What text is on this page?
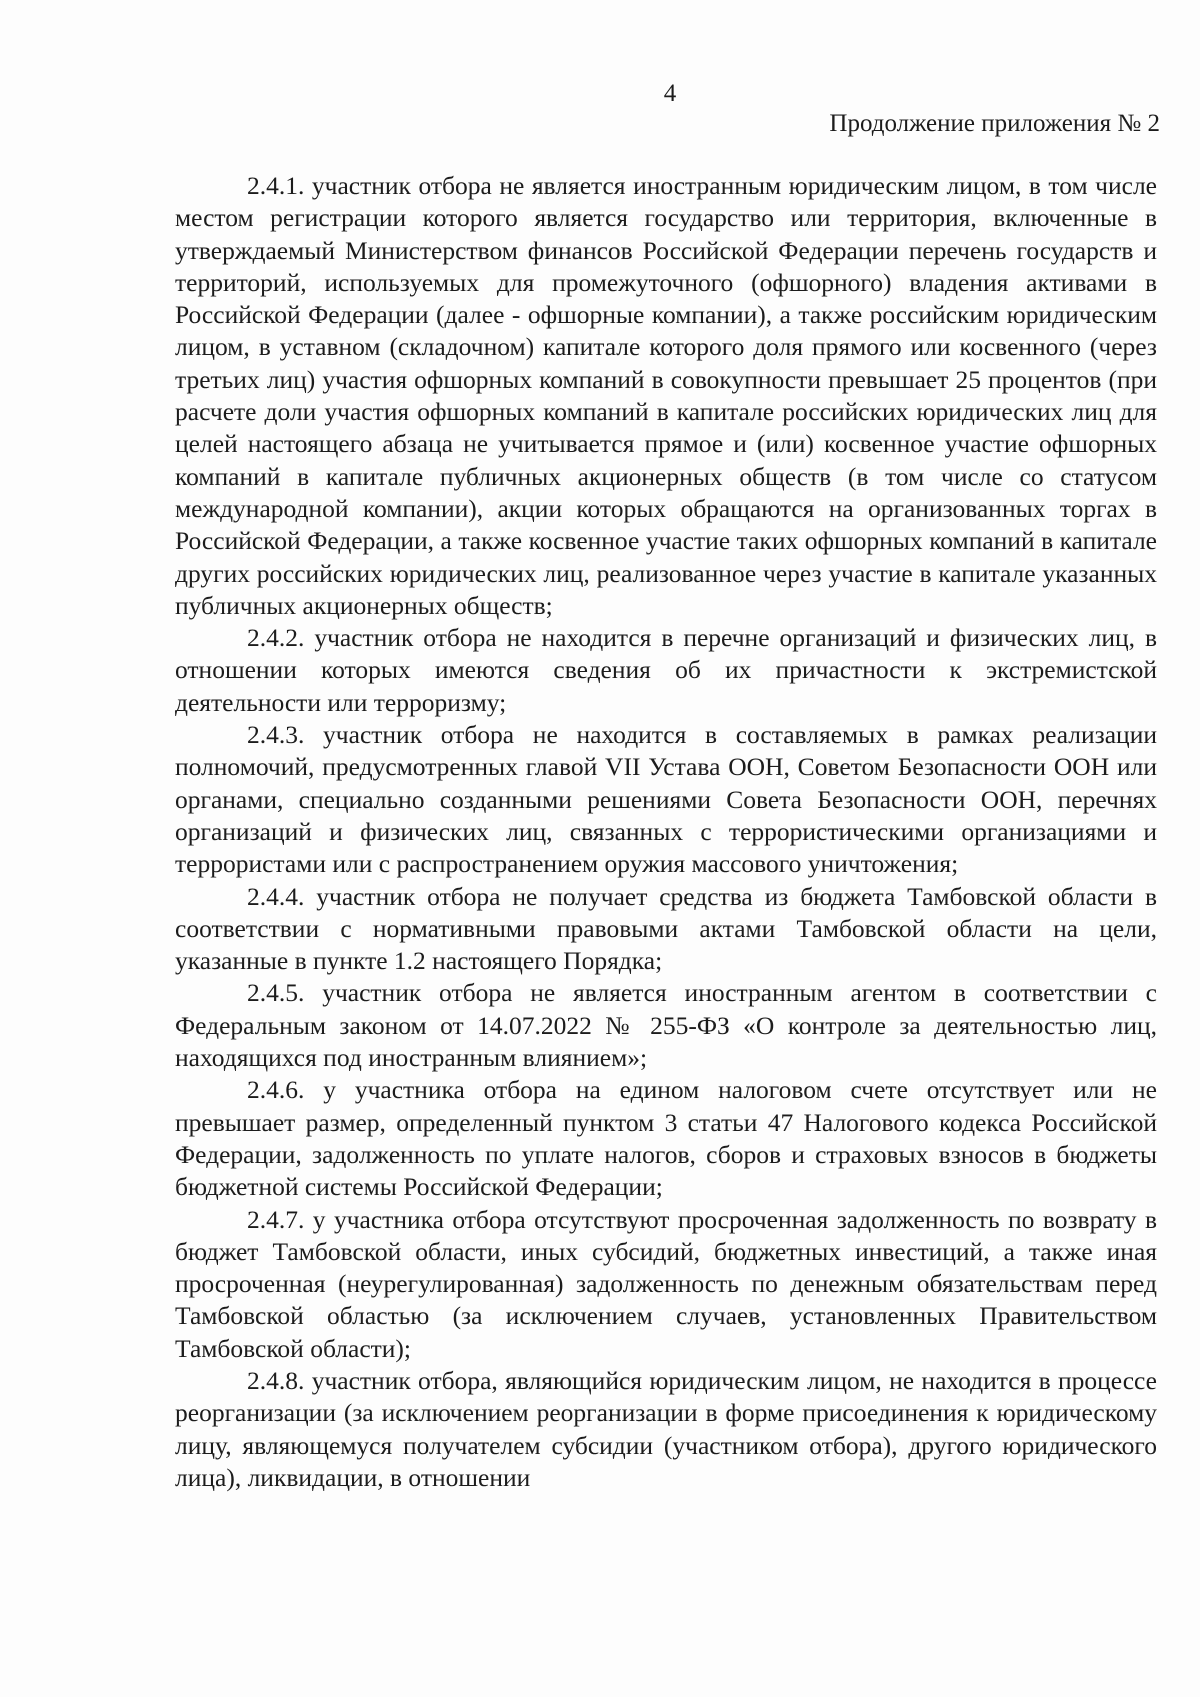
4
Продолжение приложения № 2

2.4.1. участник отбора не является иностранным юридическим лицом, в том числе местом регистрации которого является государство или территория, включенные в утверждаемый Министерством финансов Российской Федерации перечень государств и территорий, используемых для промежуточного (офшорного) владения активами в Российской Федерации (далее - офшорные компании), а также российским юридическим лицом, в уставном (складочном) капитале которого доля прямого или косвенного (через третьих лиц) участия офшорных компаний в совокупности превышает 25 процентов (при расчете доли участия офшорных компаний в капитале российских юридических лиц для целей настоящего абзаца не учитывается прямое и (или) косвенное участие офшорных компаний в капитале публичных акционерных обществ (в том числе со статусом международной компании), акции которых обращаются на организованных торгах в Российской Федерации, а также косвенное участие таких офшорных компаний в капитале других российских юридических лиц, реализованное через участие в капитале указанных публичных акционерных обществ;

2.4.2. участник отбора не находится в перечне организаций и физических лиц, в отношении которых имеются сведения об их причастности к экстремистской деятельности или терроризму;

2.4.3. участник отбора не находится в составляемых в рамках реализации полномочий, предусмотренных главой VII Устава ООН, Советом Безопасности ООН или органами, специально созданными решениями Совета Безопасности ООН, перечнях организаций и физических лиц, связанных с террористическими организациями и террористами или с распространением оружия массового уничтожения;

2.4.4. участник отбора не получает средства из бюджета Тамбовской области в соответствии с нормативными правовыми актами Тамбовской области на цели, указанные в пункте 1.2 настоящего Порядка;

2.4.5. участник отбора не является иностранным агентом в соответствии с Федеральным законом от 14.07.2022 № 255-ФЗ «О контроле за деятельностью лиц, находящихся под иностранным влиянием»;

2.4.6. у участника отбора на едином налоговом счете отсутствует или не превышает размер, определенный пунктом 3 статьи 47 Налогового кодекса Российской Федерации, задолженность по уплате налогов, сборов и страховых взносов в бюджеты бюджетной системы Российской Федерации;

2.4.7. у участника отбора отсутствуют просроченная задолженность по возврату в бюджет Тамбовской области, иных субсидий, бюджетных инвестиций, а также иная просроченная (неурегулированная) задолженность по денежным обязательствам перед Тамбовской областью (за исключением случаев, установленных Правительством Тамбовской области);

2.4.8. участник отбора, являющийся юридическим лицом, не находится в процессе реорганизации (за исключением реорганизации в форме присоединения к юридическому лицу, являющемуся получателем субсидии (участником отбора), другого юридического лица), ликвидации, в отношении
